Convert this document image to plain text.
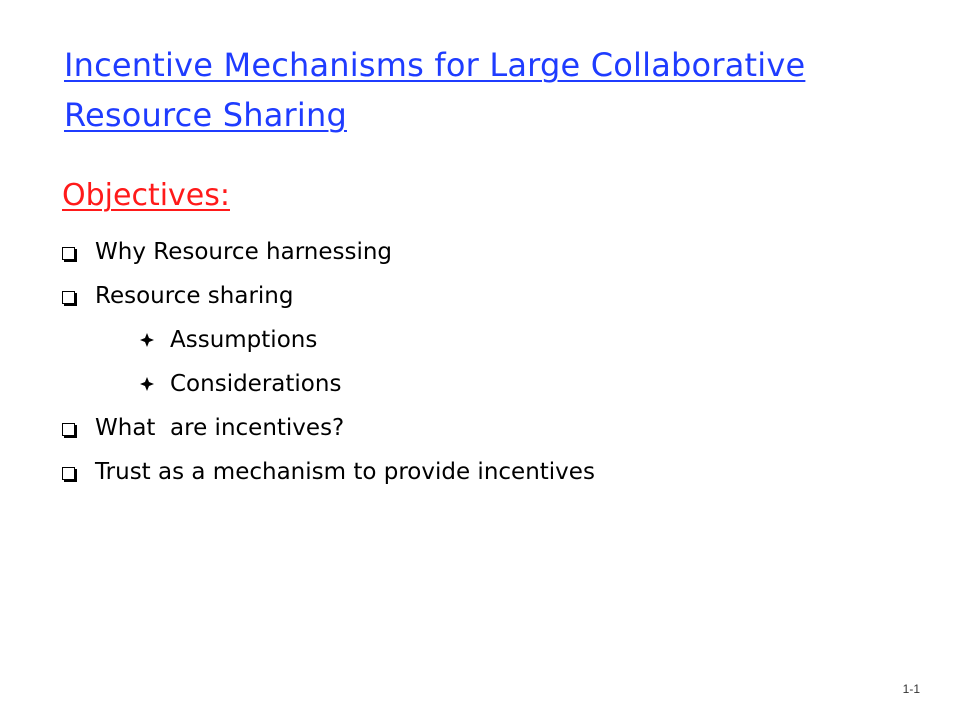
Incentive Mechanisms for Large Collaborative
Resource Sharing
Objectives:
Why Resource harnessing
Resource sharing
Assumptions
Considerations
What  are incentives?
Trust as a mechanism to provide incentives
1-1
